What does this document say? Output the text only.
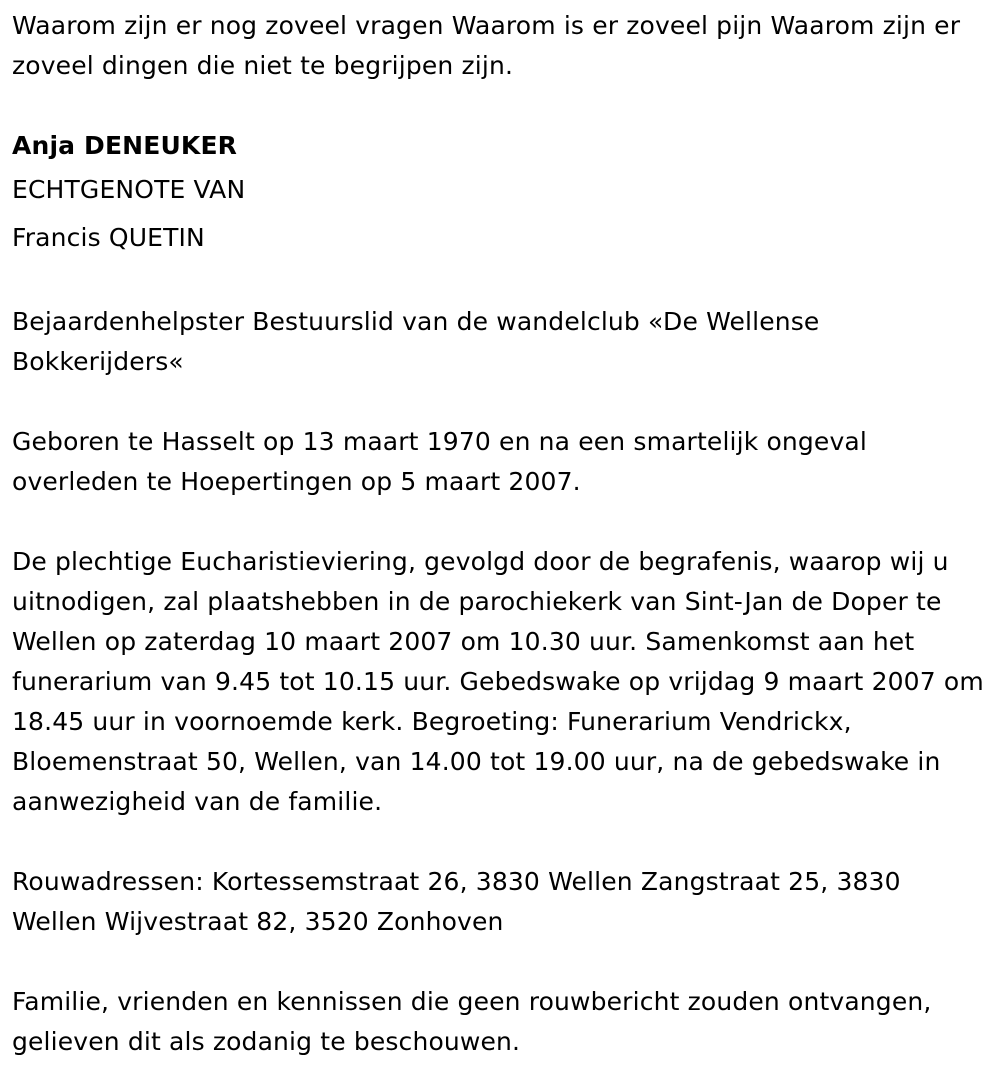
Waarom zijn er nog zoveel vragen Waarom is er zoveel pijn Waarom zijn er zoveel dingen die niet te begrijpen zijn.

Anja DENEUKER

ECHTGENOTE VAN

Francis QUETIN

Bejaardenhelpster Bestuurslid van de wandelclub «De Wellense Bokkerijders«

Geboren te Hasselt op 13 maart 1970 en na een smartelijk ongeval overleden te Hoepertingen op 5 maart 2007.

De plechtige Eucharistieviering, gevolgd door de begrafenis, waarop wij u uitnodigen, zal plaatshebben in de parochiekerk van Sint-Jan de Doper te Wellen op zaterdag 10 maart 2007 om 10.30 uur. Samenkomst aan het funerarium van 9.45 tot 10.15 uur. Gebedswake op vrijdag 9 maart 2007 om 18.45 uur in voornoemde kerk. Begroeting: Funerarium Vendrickx, Bloemenstraat 50, Wellen, van 14.00 tot 19.00 uur, na de gebedswake in aanwezigheid van de familie.

Rouwadressen: Kortessemstraat 26, 3830 Wellen Zangstraat 25, 3830 Wellen Wijvestraat 82, 3520 Zonhoven

Familie, vrienden en kennissen die geen rouwbericht zouden ontvangen, gelieven dit als zodanig te beschouwen.
